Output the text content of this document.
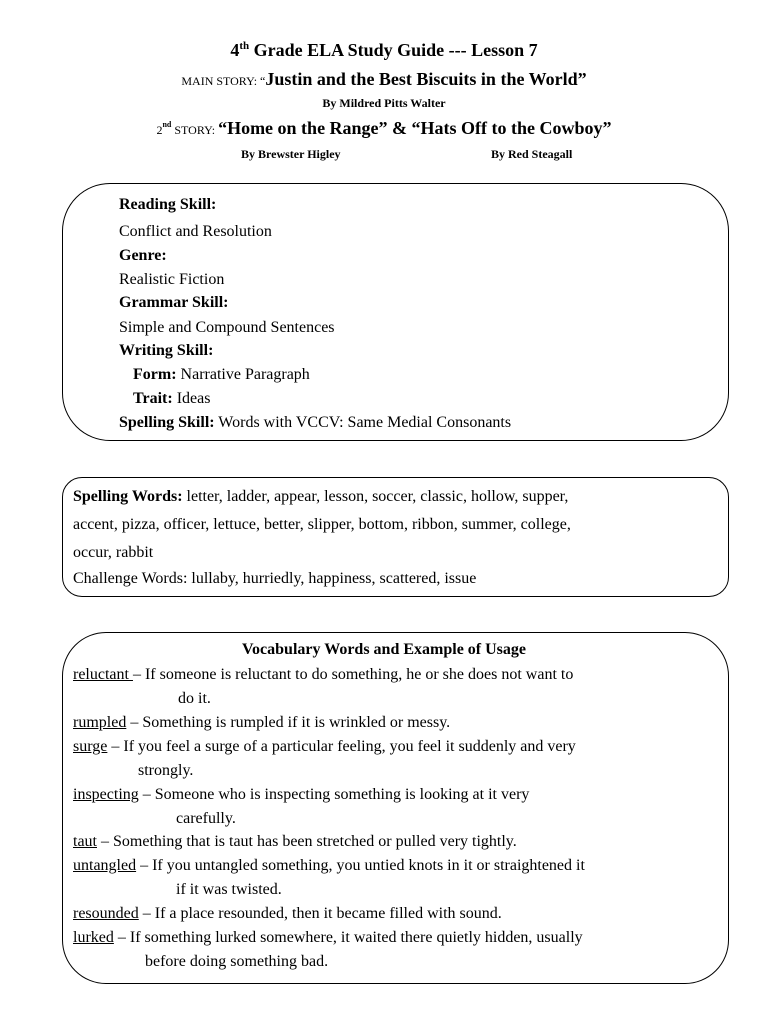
4th Grade ELA Study Guide --- Lesson 7
MAIN STORY: “Justin and the Best Biscuits in the World”
By Mildred Pitts Walter
2nd STORY: “Home on the Range” & “Hats Off to the Cowboy”
By Brewster Higley	By Red Steagall
Reading Skill:
Conflict and Resolution
Genre:
Realistic Fiction
Grammar Skill:
Simple and Compound Sentences
Writing Skill:
Form: Narrative Paragraph
Trait: Ideas
Spelling Skill: Words with VCCV: Same Medial Consonants
Spelling Words: letter, ladder, appear, lesson, soccer, classic, hollow, supper,
accent, pizza, officer, lettuce, better, slipper, bottom, ribbon, summer, college,
occur, rabbit
Challenge Words: lullaby, hurriedly, happiness, scattered, issue
Vocabulary Words and Example of Usage
reluctant – If someone is reluctant to do something, he or she does not want to
do it.
rumpled – Something is rumpled if it is wrinkled or messy.
surge – If you feel a surge of a particular feeling, you feel it suddenly and very
strongly.
inspecting – Someone who is inspecting something is looking at it very
carefully.
taut – Something that is taut has been stretched or pulled very tightly.
untangled – If you untangled something, you untied knots in it or straightened it
if it was twisted.
resounded – If a place resounded, then it became filled with sound.
lurked – If something lurked somewhere, it waited there quietly hidden, usually
before doing something bad.
